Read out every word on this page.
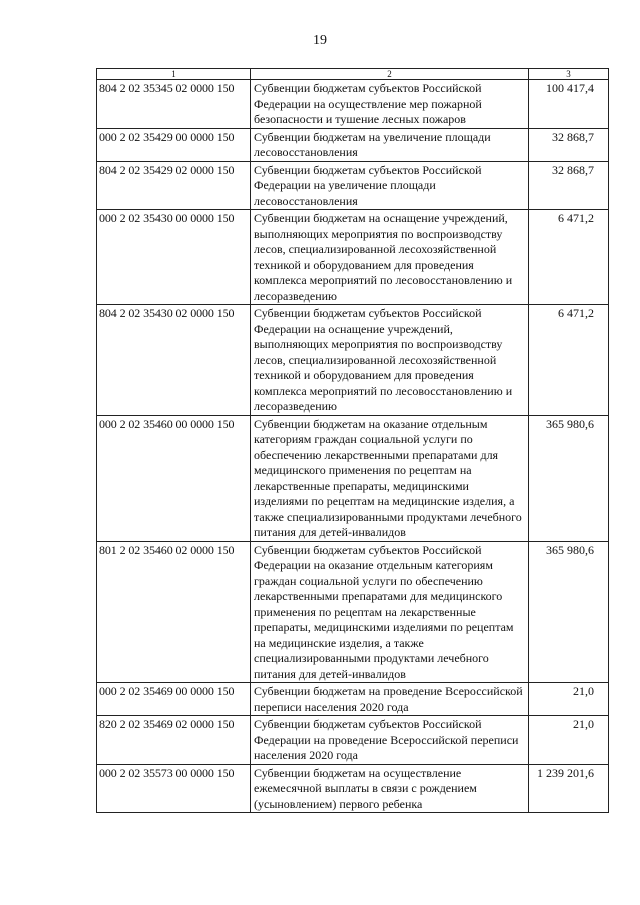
19
1	2	3
804 2 02 35345 02 0000 150	Субвенции бюджетам субъектов Российской Федерации на осуществление мер пожарной безопасности и тушение лесных пожаров	100 417,4
000 2 02 35429 00 0000 150	Субвенции бюджетам на увеличение площади лесовосстановления	32 868,7
804 2 02 35429 02 0000 150	Субвенции бюджетам субъектов Российской Федерации на увеличение площади лесовосстановления	32 868,7
000 2 02 35430 00 0000 150	Субвенции бюджетам на оснащение учреждений, выполняющих мероприятия по воспроизводству лесов, специализированной лесохозяйственной техникой и оборудованием для проведения комплекса мероприятий по лесовосстановлению и лесоразведению	6 471,2
804 2 02 35430 02 0000 150	Субвенции бюджетам субъектов Российской Федерации на оснащение учреждений, выполняющих мероприятия по воспроизводству лесов, специализированной лесохозяйственной техникой и оборудованием для проведения комплекса мероприятий по лесовосстановлению и лесоразведению	6 471,2
000 2 02 35460 00 0000 150	Субвенции бюджетам на оказание отдельным категориям граждан социальной услуги по обеспечению лекарственными препаратами для медицинского применения по рецептам на лекарственные препараты, медицинскими изделиями по рецептам на медицинские изделия, а также специализированными продуктами лечебного питания для детей-инвалидов	365 980,6
801 2 02 35460 02 0000 150	Субвенции бюджетам субъектов Российской Федерации на оказание отдельным категориям граждан социальной услуги по обеспечению лекарственными препаратами для медицинского применения по рецептам на лекарственные препараты, медицинскими изделиями по рецептам на медицинские изделия, а также специализированными продуктами лечебного питания для детей-инвалидов	365 980,6
000 2 02 35469 00 0000 150	Субвенции бюджетам на проведение Всероссийской переписи населения 2020 года	21,0
820 2 02 35469 02 0000 150	Субвенции бюджетам субъектов Российской Федерации на проведение Всероссийской переписи населения 2020 года	21,0
000 2 02 35573 00 0000 150	Субвенции бюджетам на осуществление ежемесячной выплаты в связи с рождением (усыновлением) первого ребенка	1 239 201,6
